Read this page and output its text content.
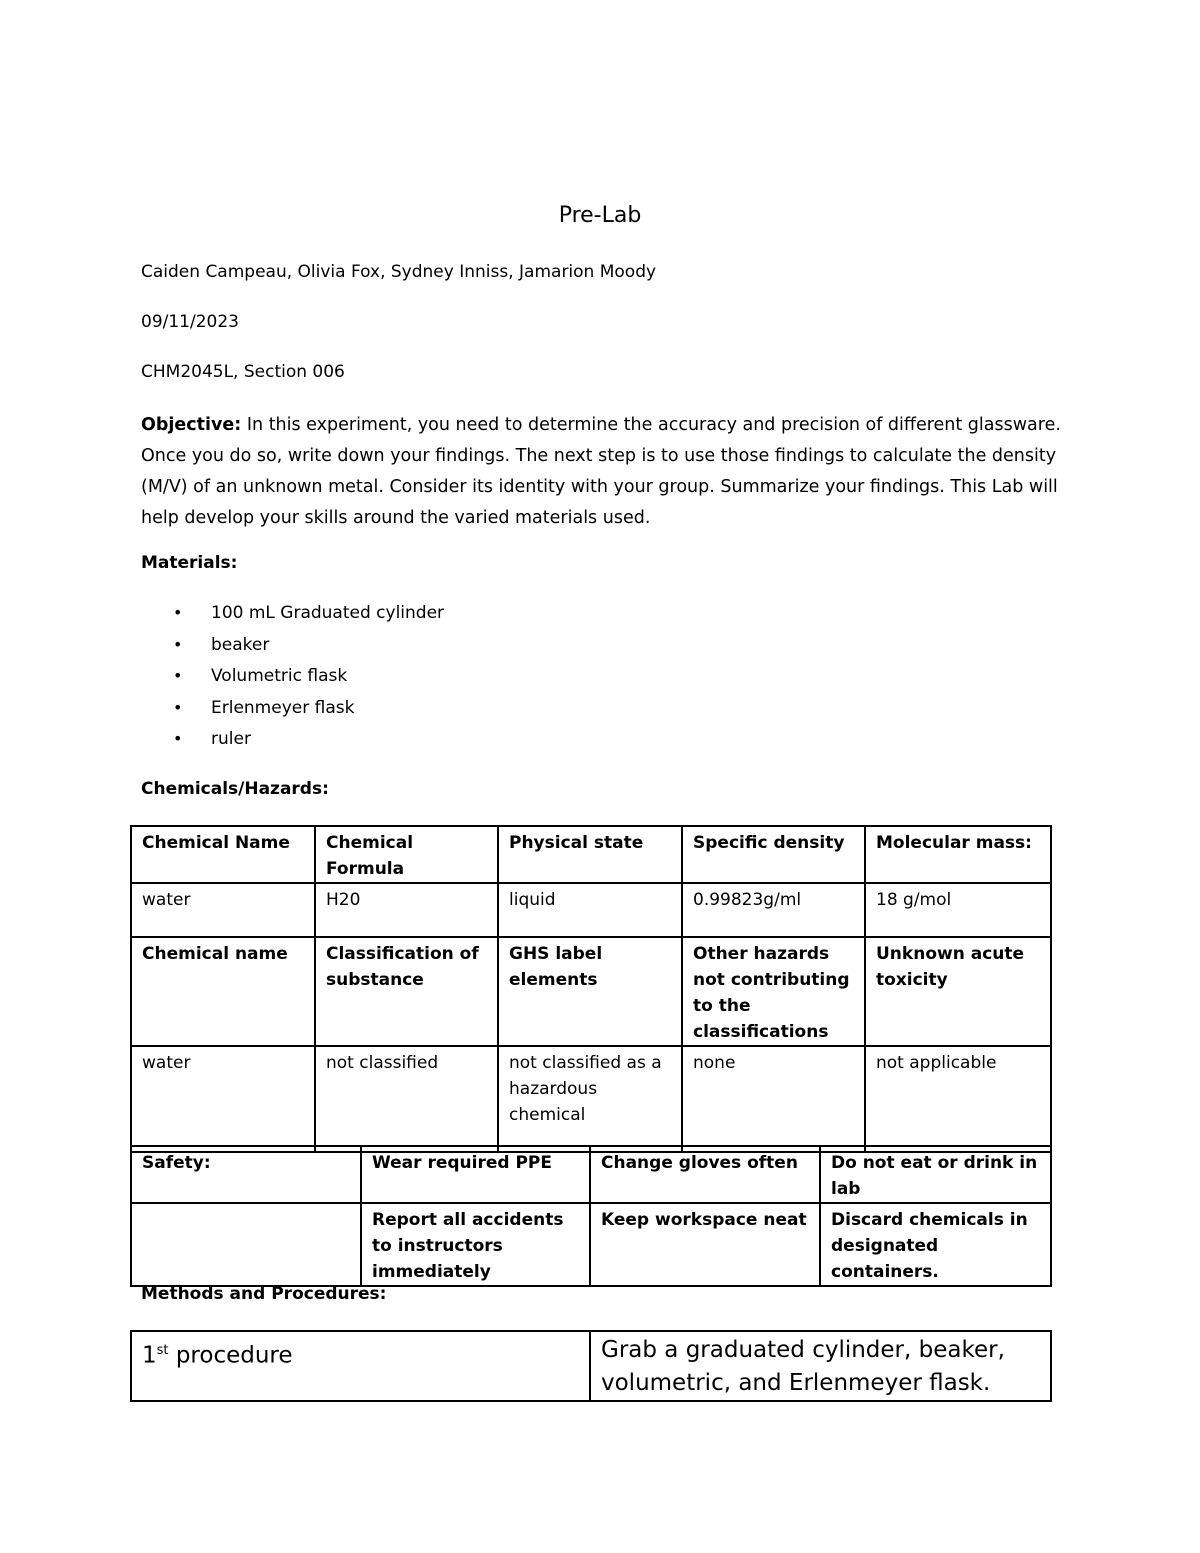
Pre-Lab

Caiden Campeau, Olivia Fox, Sydney Inniss, Jamarion Moody

09/11/2023

CHM2045L, Section 006

Objective: In this experiment, you need to determine the accuracy and precision of different glassware. Once you do so, write down your findings. The next step is to use those findings to calculate the density (M/V) of an unknown metal. Consider its identity with your group. Summarize your findings. This Lab will help develop your skills around the varied materials used.

Materials:

• 100 mL Graduated cylinder
• beaker
• Volumetric flask
• Erlenmeyer flask
• ruler

Chemicals/Hazards:

Chemical Name	Chemical Formula	Physical state	Specific density	Molecular mass:
water	H20	liquid	0.99823g/ml	18 g/mol
Chemical name	Classification of substance	GHS label elements	Other hazards not contributing to the classifications	Unknown acute toxicity
water	not classified	not classified as a hazardous chemical	none	not applicable
Safety:	Wear required PPE	Change gloves often	Do not eat or drink in lab
	Report all accidents to instructors immediately	Keep workspace neat	Discard chemicals in designated containers.

Methods and Procedures:

1st procedure	Grab a graduated cylinder, beaker, volumetric, and Erlenmeyer flask.
